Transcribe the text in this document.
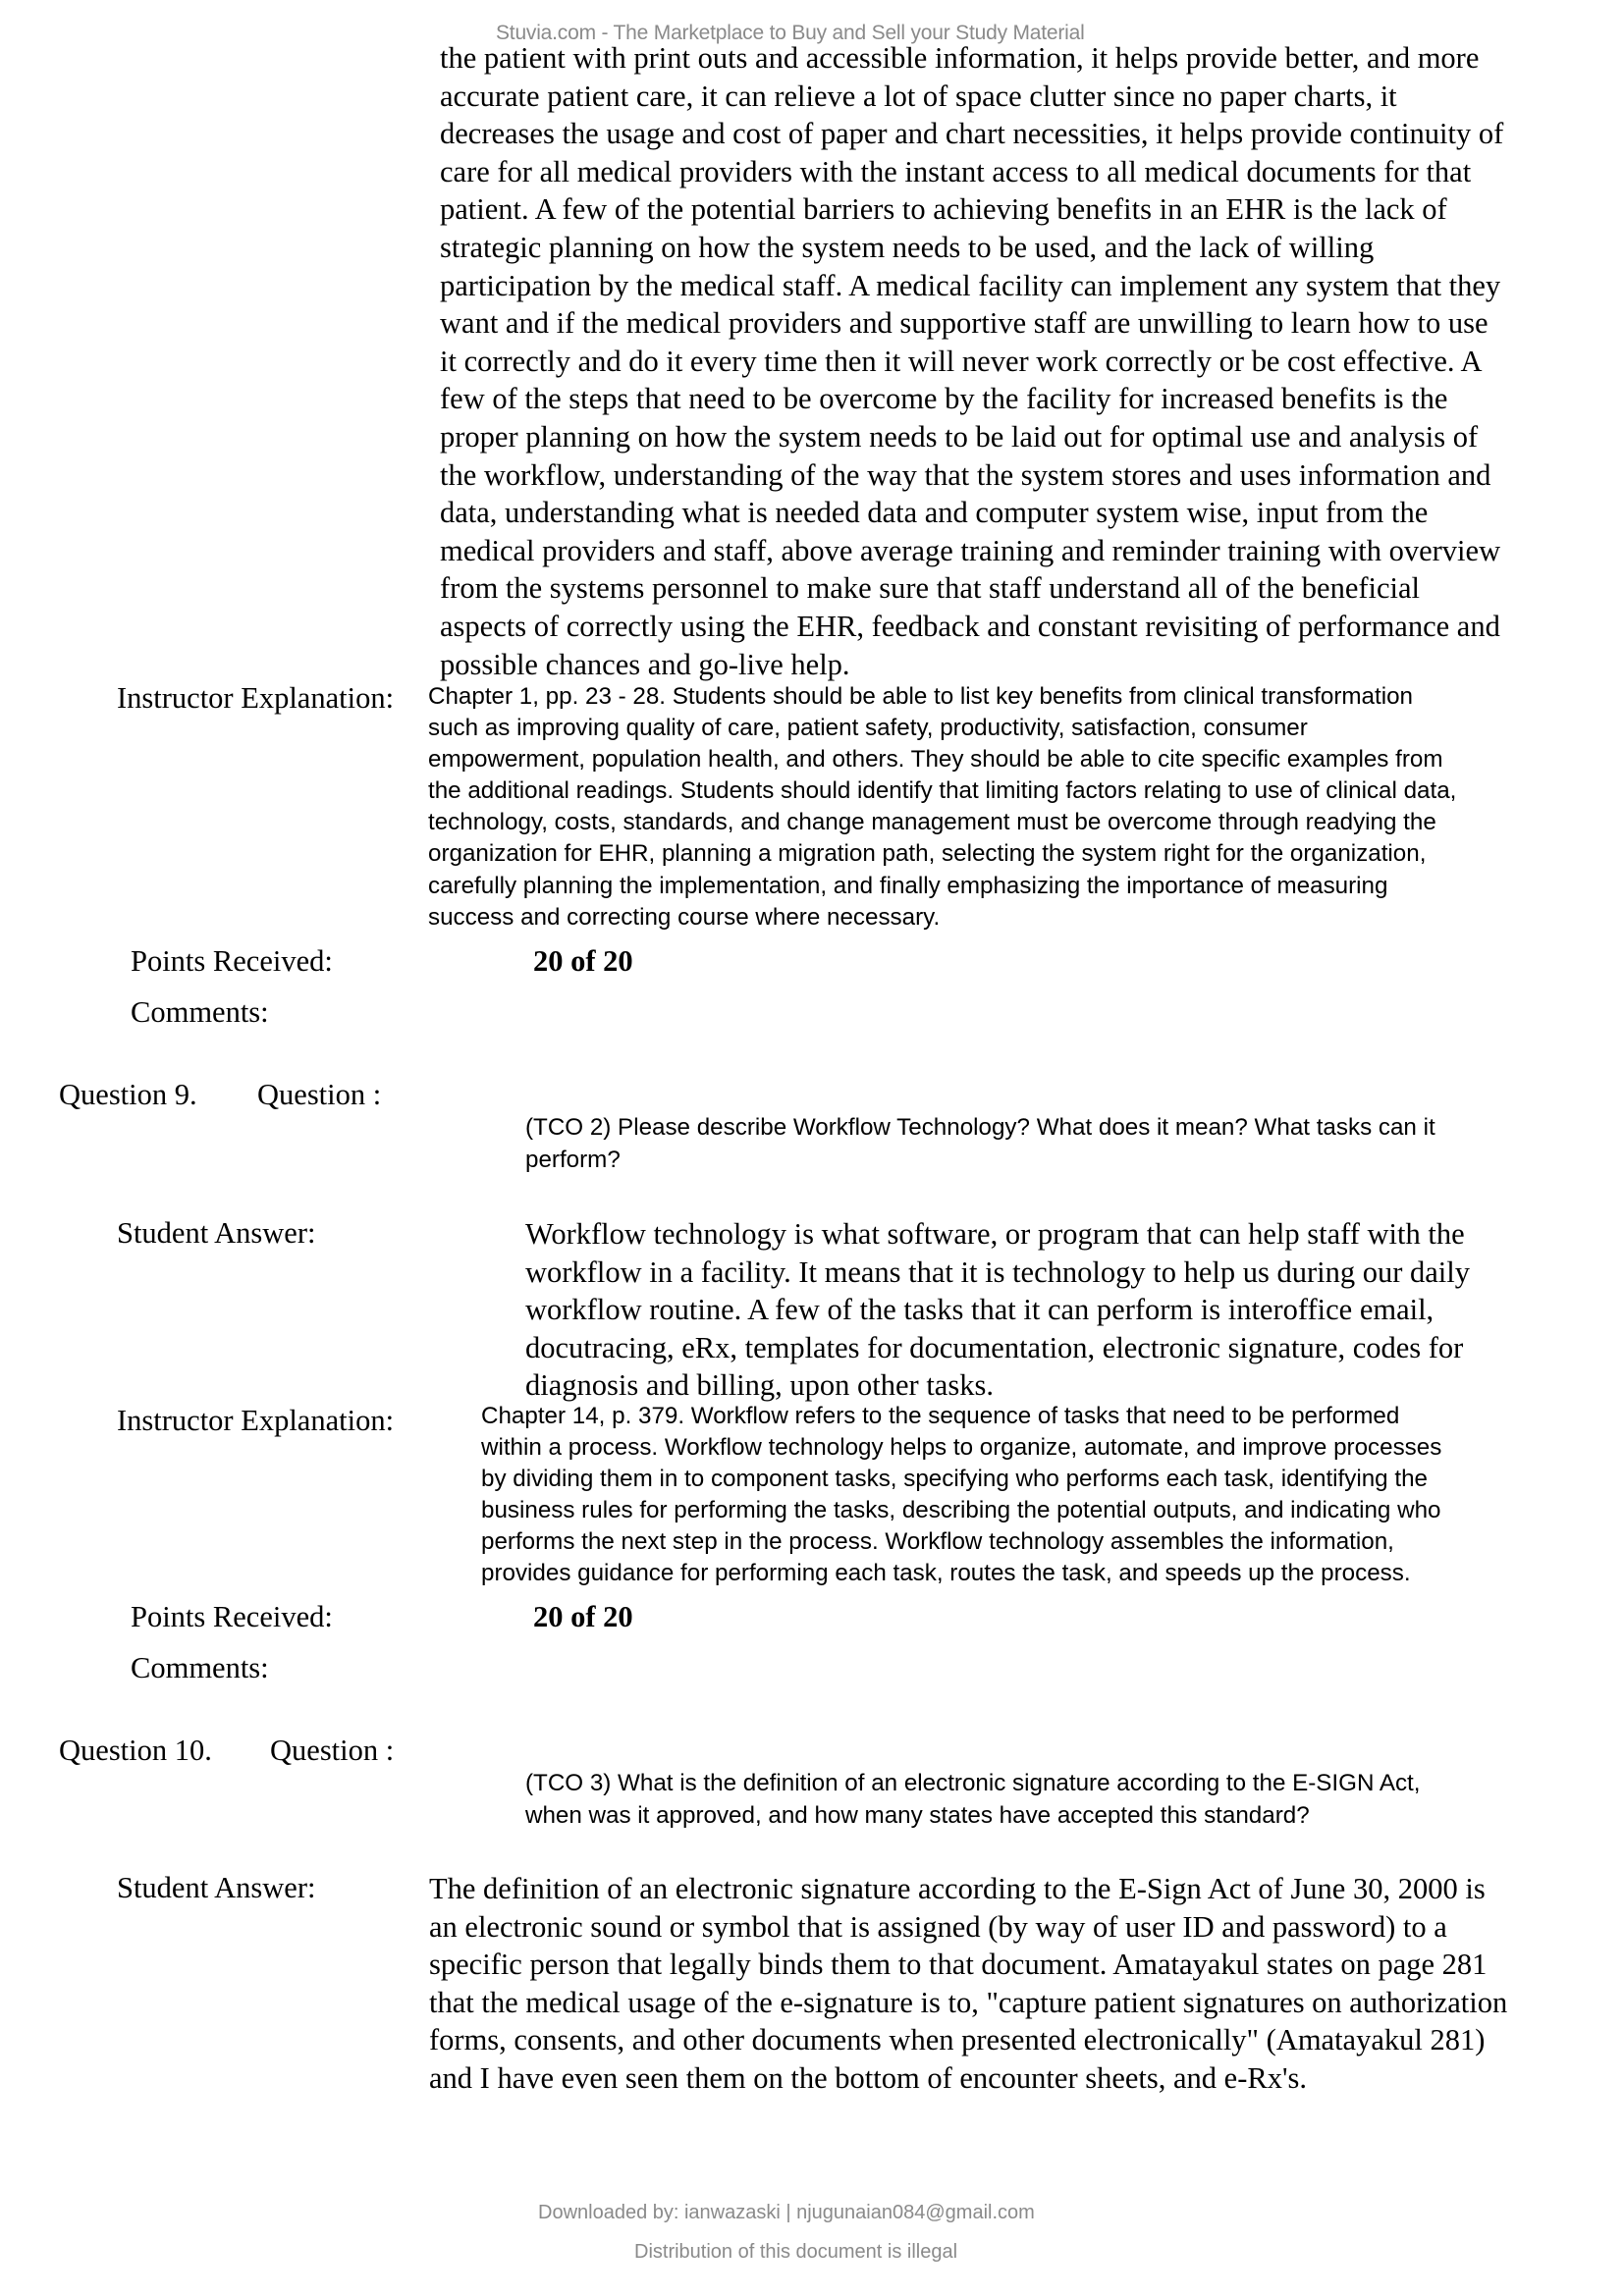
Stuvia.com - The Marketplace to Buy and Sell your Study Material
the patient with print outs and accessible information, it helps provide better, and more
accurate patient care, it can relieve a lot of space clutter since no paper charts, it
decreases the usage and cost of paper and chart necessities, it helps provide continuity of
care for all medical providers with the instant access to all medical documents for that
patient. A few of the potential barriers to achieving benefits in an EHR is the lack of
strategic planning on how the system needs to be used, and the lack of willing
participation by the medical staff. A medical facility can implement any system that they
want and if the medical providers and supportive staff are unwilling to learn how to use
it correctly and do it every time then it will never work correctly or be cost effective. A
few of the steps that need to be overcome by the facility for increased benefits is the
proper planning on how the system needs to be laid out for optimal use and analysis of
the workflow, understanding of the way that the system stores and uses information and
data, understanding what is needed data and computer system wise, input from the
medical providers and staff, above average training and reminder training with overview
from the systems personnel to make sure that staff understand all of the beneficial
aspects of correctly using the EHR, feedback and constant revisiting of performance and
possible chances and go-live help.
Instructor Explanation: Chapter 1, pp. 23 - 28. Students should be able to list key benefits from clinical transformation
such as improving quality of care, patient safety, productivity, satisfaction, consumer
empowerment, population health, and others. They should be able to cite specific examples from
the additional readings. Students should identify that limiting factors relating to use of clinical data,
technology, costs, standards, and change management must be overcome through readying the
organization for EHR, planning a migration path, selecting the system right for the organization,
carefully planning the implementation, and finally emphasizing the importance of measuring
success and correcting course where necessary.
Points Received:	20 of 20
Comments:
Question 9. Question :
(TCO 2) Please describe Workflow Technology? What does it mean? What tasks can it
perform?
Student Answer:	Workflow technology is what software, or program that can help staff with the
workflow in a facility. It means that it is technology to help us during our daily
workflow routine. A few of the tasks that it can perform is interoffice email,
docutracing, eRx, templates for documentation, electronic signature, codes for
diagnosis and billing, upon other tasks.
Instructor Explanation:	Chapter 14, p. 379. Workflow refers to the sequence of tasks that need to be performed
within a process. Workflow technology helps to organize, automate, and improve processes
by dividing them in to component tasks, specifying who performs each task, identifying the
business rules for performing the tasks, describing the potential outputs, and indicating who
performs the next step in the process. Workflow technology assembles the information,
provides guidance for performing each task, routes the task, and speeds up the process.
Points Received:	20 of 20
Comments:
Question 10. Question :
(TCO 3) What is the definition of an electronic signature according to the E-SIGN Act,
when was it approved, and how many states have accepted this standard?
Student Answer:	The definition of an electronic signature according to the E-Sign Act of June 30, 2000 is
an electronic sound or symbol that is assigned (by way of user ID and password) to a
specific person that legally binds them to that document. Amatayakul states on page 281
that the medical usage of the e-signature is to, "capture patient signatures on authorization
forms, consents, and other documents when presented electronically" (Amatayakul 281)
and I have even seen them on the bottom of encounter sheets, and e-Rx's.
Downloaded by: ianwazaski | njugunaian084@gmail.com
Distribution of this document is illegal
